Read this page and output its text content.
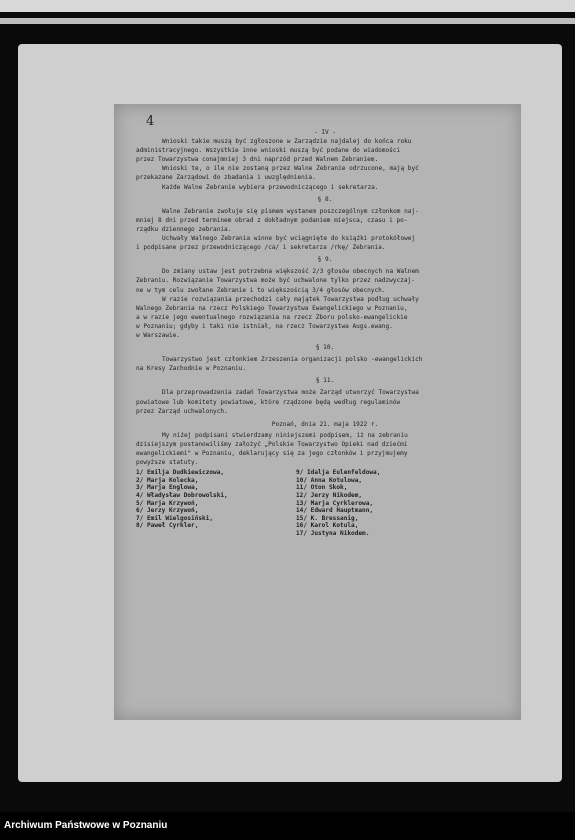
4

- IV -

Wnioski takie muszą być zgłoszone w Zarządzie najdalej do końca roku

administracyjnego. Wszystkie inne wnioski muszą być podane do wiadomości

przez Towarzystwa conajmniej 3 dni naprzód przed Walnem Zebraniem.

Wnioski te, o ile nie zostaną przez Walne Zebranie odrzucone, mają być

przekazane Zarządowi do zbadania i uwzględnienia.

Każde Walne Zebranie wybiera przewodniczącego i sekretarza.

§ 8.

Walne Zebranie zwołuje się pismem wystanem poszczególnym członkom naj-

mniej 8 dni przed terminem obrad z dokładnym podaniem miejsca, czasu i po-

rządku dziennego zebrania.

Uchwały Walnego Zebrania winne być wciągnięte do książki protokółowej

i podpisane przez przewodniczącego /ca/ i sekretarza /rkę/ Zebrania.

§ 9.

Do zmiany ustaw jest potrzebna większość 2/3 głosów obecnych na Walnem

Zebraniu. Rozwiązanie Towarzystwa może być uchwalone tylko przez nadzwyczaj-

ne w tym celu zwołane Zebranie i to większością 3/4 głosów obecnych.

W razie rozwiązania przechodzi cały majątek Towarzystwa podług uchwały

Walnego Zebrania na rzecz Polskiego Towarzystwa Ewangelickiego w Poznaniu,

a w razie jego ewentualnego rozwiązania na rzecz Zboru polsko-ewangelickie

w Poznaniu; gdyby i taki nie istniał, na rzecz Towarzystwa Augs.ewang.

w Warszawie.

§ 10.

Towarzystwo jest członkiem Zrzeszenia organizacji polsko -ewangelickich

na Kresy Zachodnie w Poznaniu.

§ 11.

Dla przeprowadzenia zadań Towarzystwa może Zarząd utworzyć Towarzystwa

powiatowe lub komitety powiatowe, które rządzone będą według regulaminów

przez Zarząd uchwalonych.

Poznań, dnia 21. maja 1922 r.

My niżej podpisani stwierdzamy niniejszemi podpisem, iż na zebraniu

dzisiejszym postanowiliśmy założyć „Polskie Towarzystwo Opieki nad dziećmi

ewangelickiemi" w Poznaniu, deklarujący się za jego członków i przyjmujemy

powyższe statuty.

1/ Emilja Dudkiewiczowa,

2/ Marja Kolecka,

3/ Marja Englowa,

4/ Władysław Dobrowolski,

5/ Marja Krzywoń,

6/ Jerzy Krzywoń,

7/ Emil Wielgosiński,

8/ Paweł Cyrkler,

9/ Idalja Eulenfeldowa,

10/ Anna Kotulowa,

11/ Oton Skok,

12/ Jerzy Nikodem,

13/ Marja Cyrklerowa,

14/ Edward Hauptmann,

15/ K. Bressanig,

16/ Karol Kotula,

17/ Justyna Nikodem.

Archiwum Państwowe w Poznaniu
